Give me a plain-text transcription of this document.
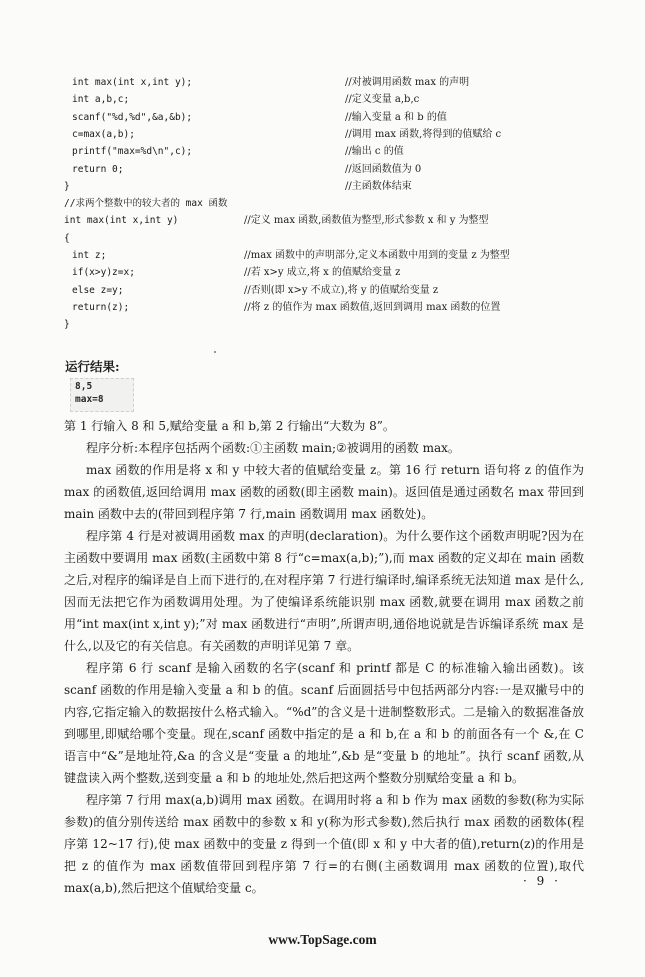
int max(int x,int y);	//对被调用函数 max 的声明
int a,b,c;	//定义变量 a,b,c
scanf("%d,%d",&a,&b);	//输入变量 a 和 b 的值
c=max(a,b);	//调用 max 函数,将得到的值赋给 c
printf("max=%d\n",c);	//输出 c 的值
return 0;	//返回函数值为 0
}	//主函数体结束
//求两个整数中的较大者的 max 函数
int max(int x,int y)	//定义 max 函数,函数值为整型,形式参数 x 和 y 为整型
{
int z;	//max 函数中的声明部分,定义本函数中用到的变量 z 为整型
if(x>y)z=x;	//若 x>y 成立,将 x 的值赋给变量 z
else z=y;	//否则(即 x>y 不成立),将 y 的值赋给变量 z
return(z);	//将 z 的值作为 max 函数值,返回到调用 max 函数的位置
}
运行结果:
8,5
max=8
第 1 行输入 8 和 5,赋给变量 a 和 b,第 2 行输出“大数为 8”。
程序分析:本程序包括两个函数:①主函数 main;②被调用的函数 max。
max 函数的作用是将 x 和 y 中较大者的值赋给变量 z。第 16 行 return 语句将 z 的值作为 max 的函数值,返回给调用 max 函数的函数(即主函数 main)。返回值是通过函数名 max 带回到 main 函数中去的(带回到程序第 7 行,main 函数调用 max 函数处)。
程序第 4 行是对被调用函数 max 的声明(declaration)。为什么要作这个函数声明呢?因为在主函数中要调用 max 函数(主函数中第 8 行“c=max(a,b);”),而 max 函数的定义却在 main 函数之后,对程序的编译是自上而下进行的,在对程序第 7 行进行编译时,编译系统无法知道 max 是什么,因而无法把它作为函数调用处理。为了使编译系统能识别 max 函数,就要在调用 max 函数之前用“int max(int x,int y);”对 max 函数进行“声明”,所谓声明,通俗地说就是告诉编译系统 max 是什么,以及它的有关信息。有关函数的声明详见第 7 章。
程序第 6 行 scanf 是输入函数的名字(scanf 和 printf 都是 C 的标准输入输出函数)。该 scanf 函数的作用是输入变量 a 和 b 的值。scanf 后面圆括号中包括两部分内容:一是双撇号中的内容,它指定输入的数据按什么格式输入。“%d”的含义是十进制整数形式。二是输入的数据准备放到哪里,即赋给哪个变量。现在,scanf 函数中指定的是 a 和 b,在 a 和 b 的前面各有一个 &,在 C 语言中“&”是地址符,&a 的含义是“变量 a 的地址”,&b 是“变量 b 的地址”。执行 scanf 函数,从键盘读入两个整数,送到变量 a 和 b 的地址处,然后把这两个整数分别赋给变量 a 和 b。
程序第 7 行用 max(a,b)调用 max 函数。在调用时将 a 和 b 作为 max 函数的参数(称为实际参数)的值分别传送给 max 函数中的参数 x 和 y(称为形式参数),然后执行 max 函数的函数体(程序第 12~17 行),使 max 函数中的变量 z 得到一个值(即 x 和 y 中大者的值),return(z)的作用是把 z 的值作为 max 函数值带回到程序第 7 行=的右侧(主函数调用 max 函数的位置),取代 max(a,b),然后把这个值赋给变量 c。	· 9 ·
www.TopSage.com
